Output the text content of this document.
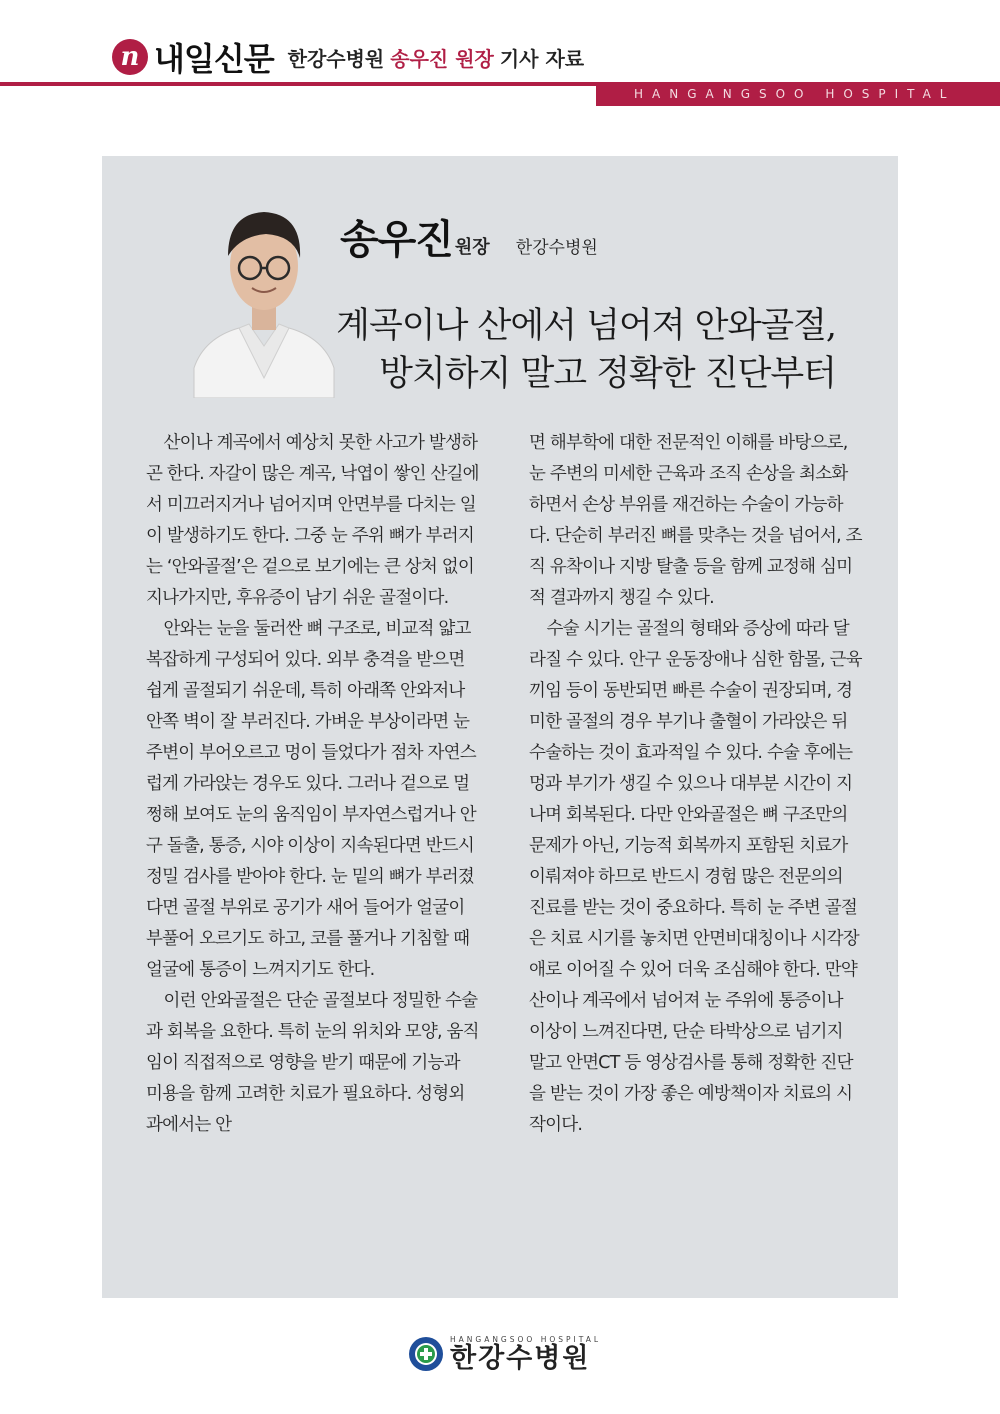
n 내일신문 한강수병원 송우진 원장 기사 자료
HANGANGSOO HOSPITAL
송우진 원장 한강수병원
계곡이나 산에서 넘어져 안와골절,
방치하지 말고 정확한 진단부터

산이나 계곡에서 예상치 못한 사고가 발생하곤 한다. 자갈이 많은 계곡, 낙엽이 쌓인 산길에서 미끄러지거나 넘어지며 안면부를 다치는 일이 발생하기도 한다. 그중 눈 주위 뼈가 부러지는 ‘안와골절’은 겉으로 보기에는 큰 상처 없이 지나가지만, 후유증이 남기 쉬운 골절이다.

안와는 눈을 둘러싼 뼈 구조로, 비교적 얇고 복잡하게 구성되어 있다. 외부 충격을 받으면 쉽게 골절되기 쉬운데, 특히 아래쪽 안와저나 안쪽 벽이 잘 부러진다. 가벼운 부상이라면 눈 주변이 부어오르고 멍이 들었다가 점차 자연스럽게 가라앉는 경우도 있다. 그러나 겉으로 멀쩡해 보여도 눈의 움직임이 부자연스럽거나 안구 돌출, 통증, 시야 이상이 지속된다면 반드시 정밀 검사를 받아야 한다. 눈 밑의 뼈가 부러졌다면 골절 부위로 공기가 새어 들어가 얼굴이 부풀어 오르기도 하고, 코를 풀거나 기침할 때 얼굴에 통증이 느껴지기도 한다.

이런 안와골절은 단순 골절보다 정밀한 수술과 회복을 요한다. 특히 눈의 위치와 모양, 움직임이 직접적으로 영향을 받기 때문에 기능과 미용을 함께 고려한 치료가 필요하다. 성형외과에서는 안

면 해부학에 대한 전문적인 이해를 바탕으로, 눈 주변의 미세한 근육과 조직 손상을 최소화하면서 손상 부위를 재건하는 수술이 가능하다. 단순히 부러진 뼈를 맞추는 것을 넘어서, 조직 유착이나 지방 탈출 등을 함께 교정해 심미적 결과까지 챙길 수 있다.

수술 시기는 골절의 형태와 증상에 따라 달라질 수 있다. 안구 운동장애나 심한 함몰, 근육 끼임 등이 동반되면 빠른 수술이 권장되며, 경미한 골절의 경우 부기나 출혈이 가라앉은 뒤 수술하는 것이 효과적일 수 있다. 수술 후에는 멍과 부기가 생길 수 있으나 대부분 시간이 지나며 회복된다. 다만 안와골절은 뼈 구조만의 문제가 아닌, 기능적 회복까지 포함된 치료가 이뤄져야 하므로 반드시 경험 많은 전문의의 진료를 받는 것이 중요하다. 특히 눈 주변 골절은 치료 시기를 놓치면 안면비대칭이나 시각장애로 이어질 수 있어 더욱 조심해야 한다. 만약 산이나 계곡에서 넘어져 눈 주위에 통증이나 이상이 느껴진다면, 단순 타박상으로 넘기지 말고 안면CT 등 영상검사를 통해 정확한 진단을 받는 것이 가장 좋은 예방책이자 치료의 시작이다.

HANGANGSOO HOSPITAL
한강수병원
